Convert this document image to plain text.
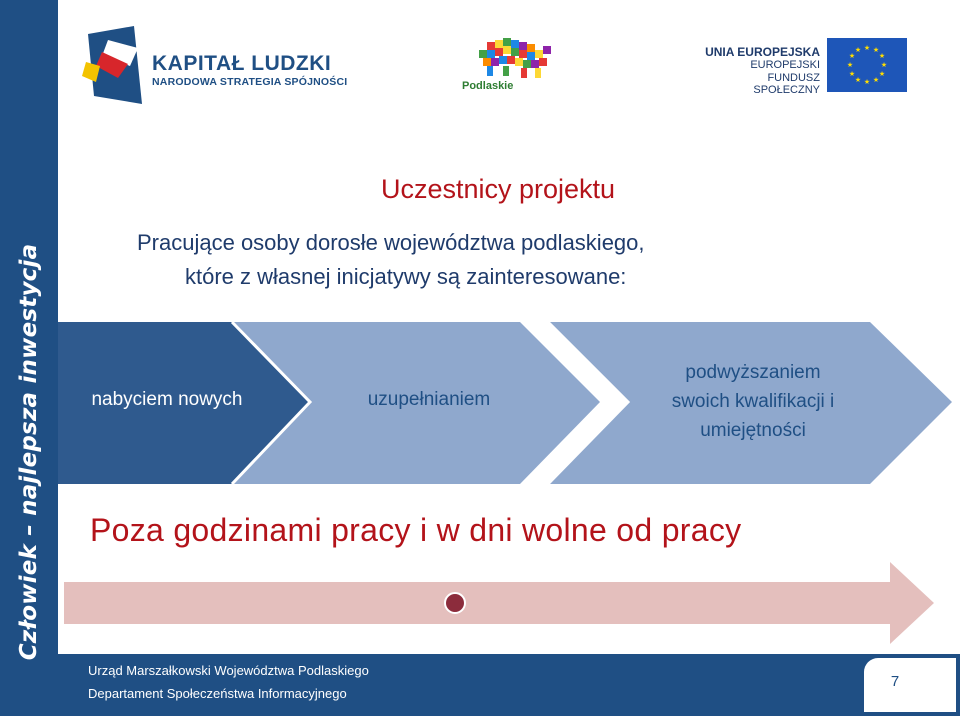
Człowiek – najlepsza inwestycja
KAPITAŁ LUDZKI
NARODOWA STRATEGIA SPÓJNOŚCI	Podlaskie
UNIA EUROPEJSKA
EUROPEJSKI
FUNDUSZ SPOŁECZNY
★ ★
★
★
★
★
★
★
★
★
★
★
Uczestnicy projektu
Pracujące osoby dorosłe województwa podlaskiego,
które z własnej inicjatywy są zainteresowane:
nabyciem nowych	uzupełnianiem
podwyższaniem
swoich kwalifikacji i
umiejętności
Poza godzinami pracy i w dni wolne od pracy
Urząd Marszałkowski Województwa Podlaskiego
Departament Społeczeństwa Informacyjnego
7
